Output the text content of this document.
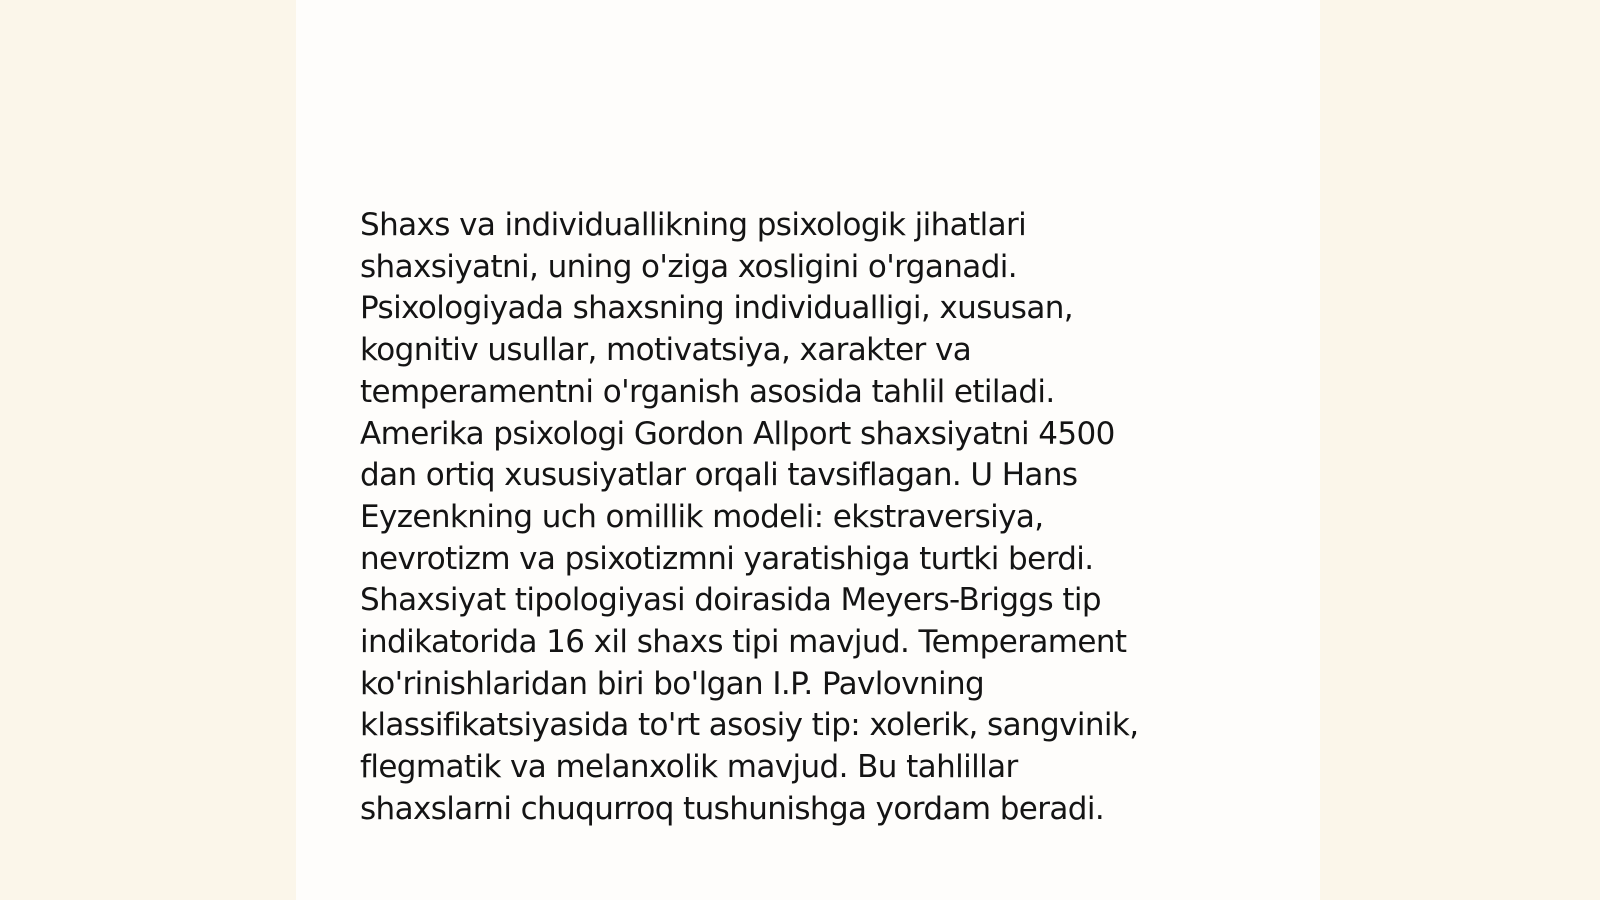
Shaxs va individuallikning psixologik jihatlari
shaxsiyatni, uning o'ziga xosligini o'rganadi.
Psixologiyada shaxsning individualligi, xususan,
kognitiv usullar, motivatsiya, xarakter va
temperamentni o'rganish asosida tahlil etiladi.
Amerika psixologi Gordon Allport shaxsiyatni 4500
dan ortiq xususiyatlar orqali tavsiflagan. U Hans
Eyzenkning uch omillik modeli: ekstraversiya,
nevrotizm va psixotizmni yaratishiga turtki berdi.
Shaxsiyat tipologiyasi doirasida Meyers-Briggs tip
indikatorida 16 xil shaxs tipi mavjud. Temperament
ko'rinishlaridan biri bo'lgan I.P. Pavlovning
klassifikatsiyasida to'rt asosiy tip: xolerik, sangvinik,
flegmatik va melanxolik mavjud. Bu tahlillar
shaxslarni chuqurroq tushunishga yordam beradi.
